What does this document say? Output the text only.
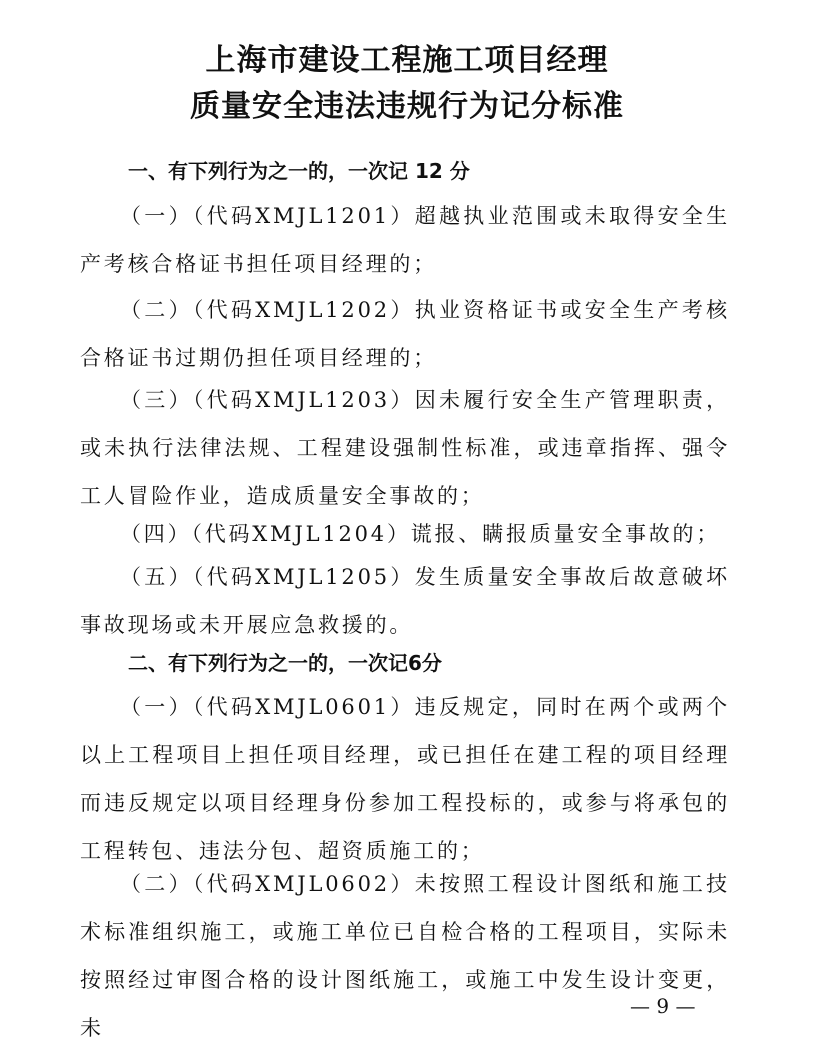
上海市建设工程施工项目经理
质量安全违法违规行为记分标准
一、有下列行为之一的，一次记 12 分
（一）（代码XMJL1201）超越执业范围或未取得安全生产考核合格证书担任项目经理的；
（二）（代码XMJL1202）执业资格证书或安全生产考核合格证书过期仍担任项目经理的；
（三）（代码XMJL1203）因未履行安全生产管理职责，或未执行法律法规、工程建设强制性标准，或违章指挥、强令工人冒险作业，造成质量安全事故的；
（四）（代码XMJL1204）谎报、瞒报质量安全事故的；
（五）（代码XMJL1205）发生质量安全事故后故意破坏事故现场或未开展应急救援的。
二、有下列行为之一的，一次记6分
（一）（代码XMJL0601）违反规定，同时在两个或两个以上工程项目上担任项目经理，或已担任在建工程的项目经理而违反规定以项目经理身份参加工程投标的，或参与将承包的工程转包、违法分包、超资质施工的；
（二）（代码XMJL0602）未按照工程设计图纸和施工技术标准组织施工，或施工单位已自检合格的工程项目，实际未按照经过审图合格的设计图纸施工，或施工中发生设计变更，未
— 9 —
